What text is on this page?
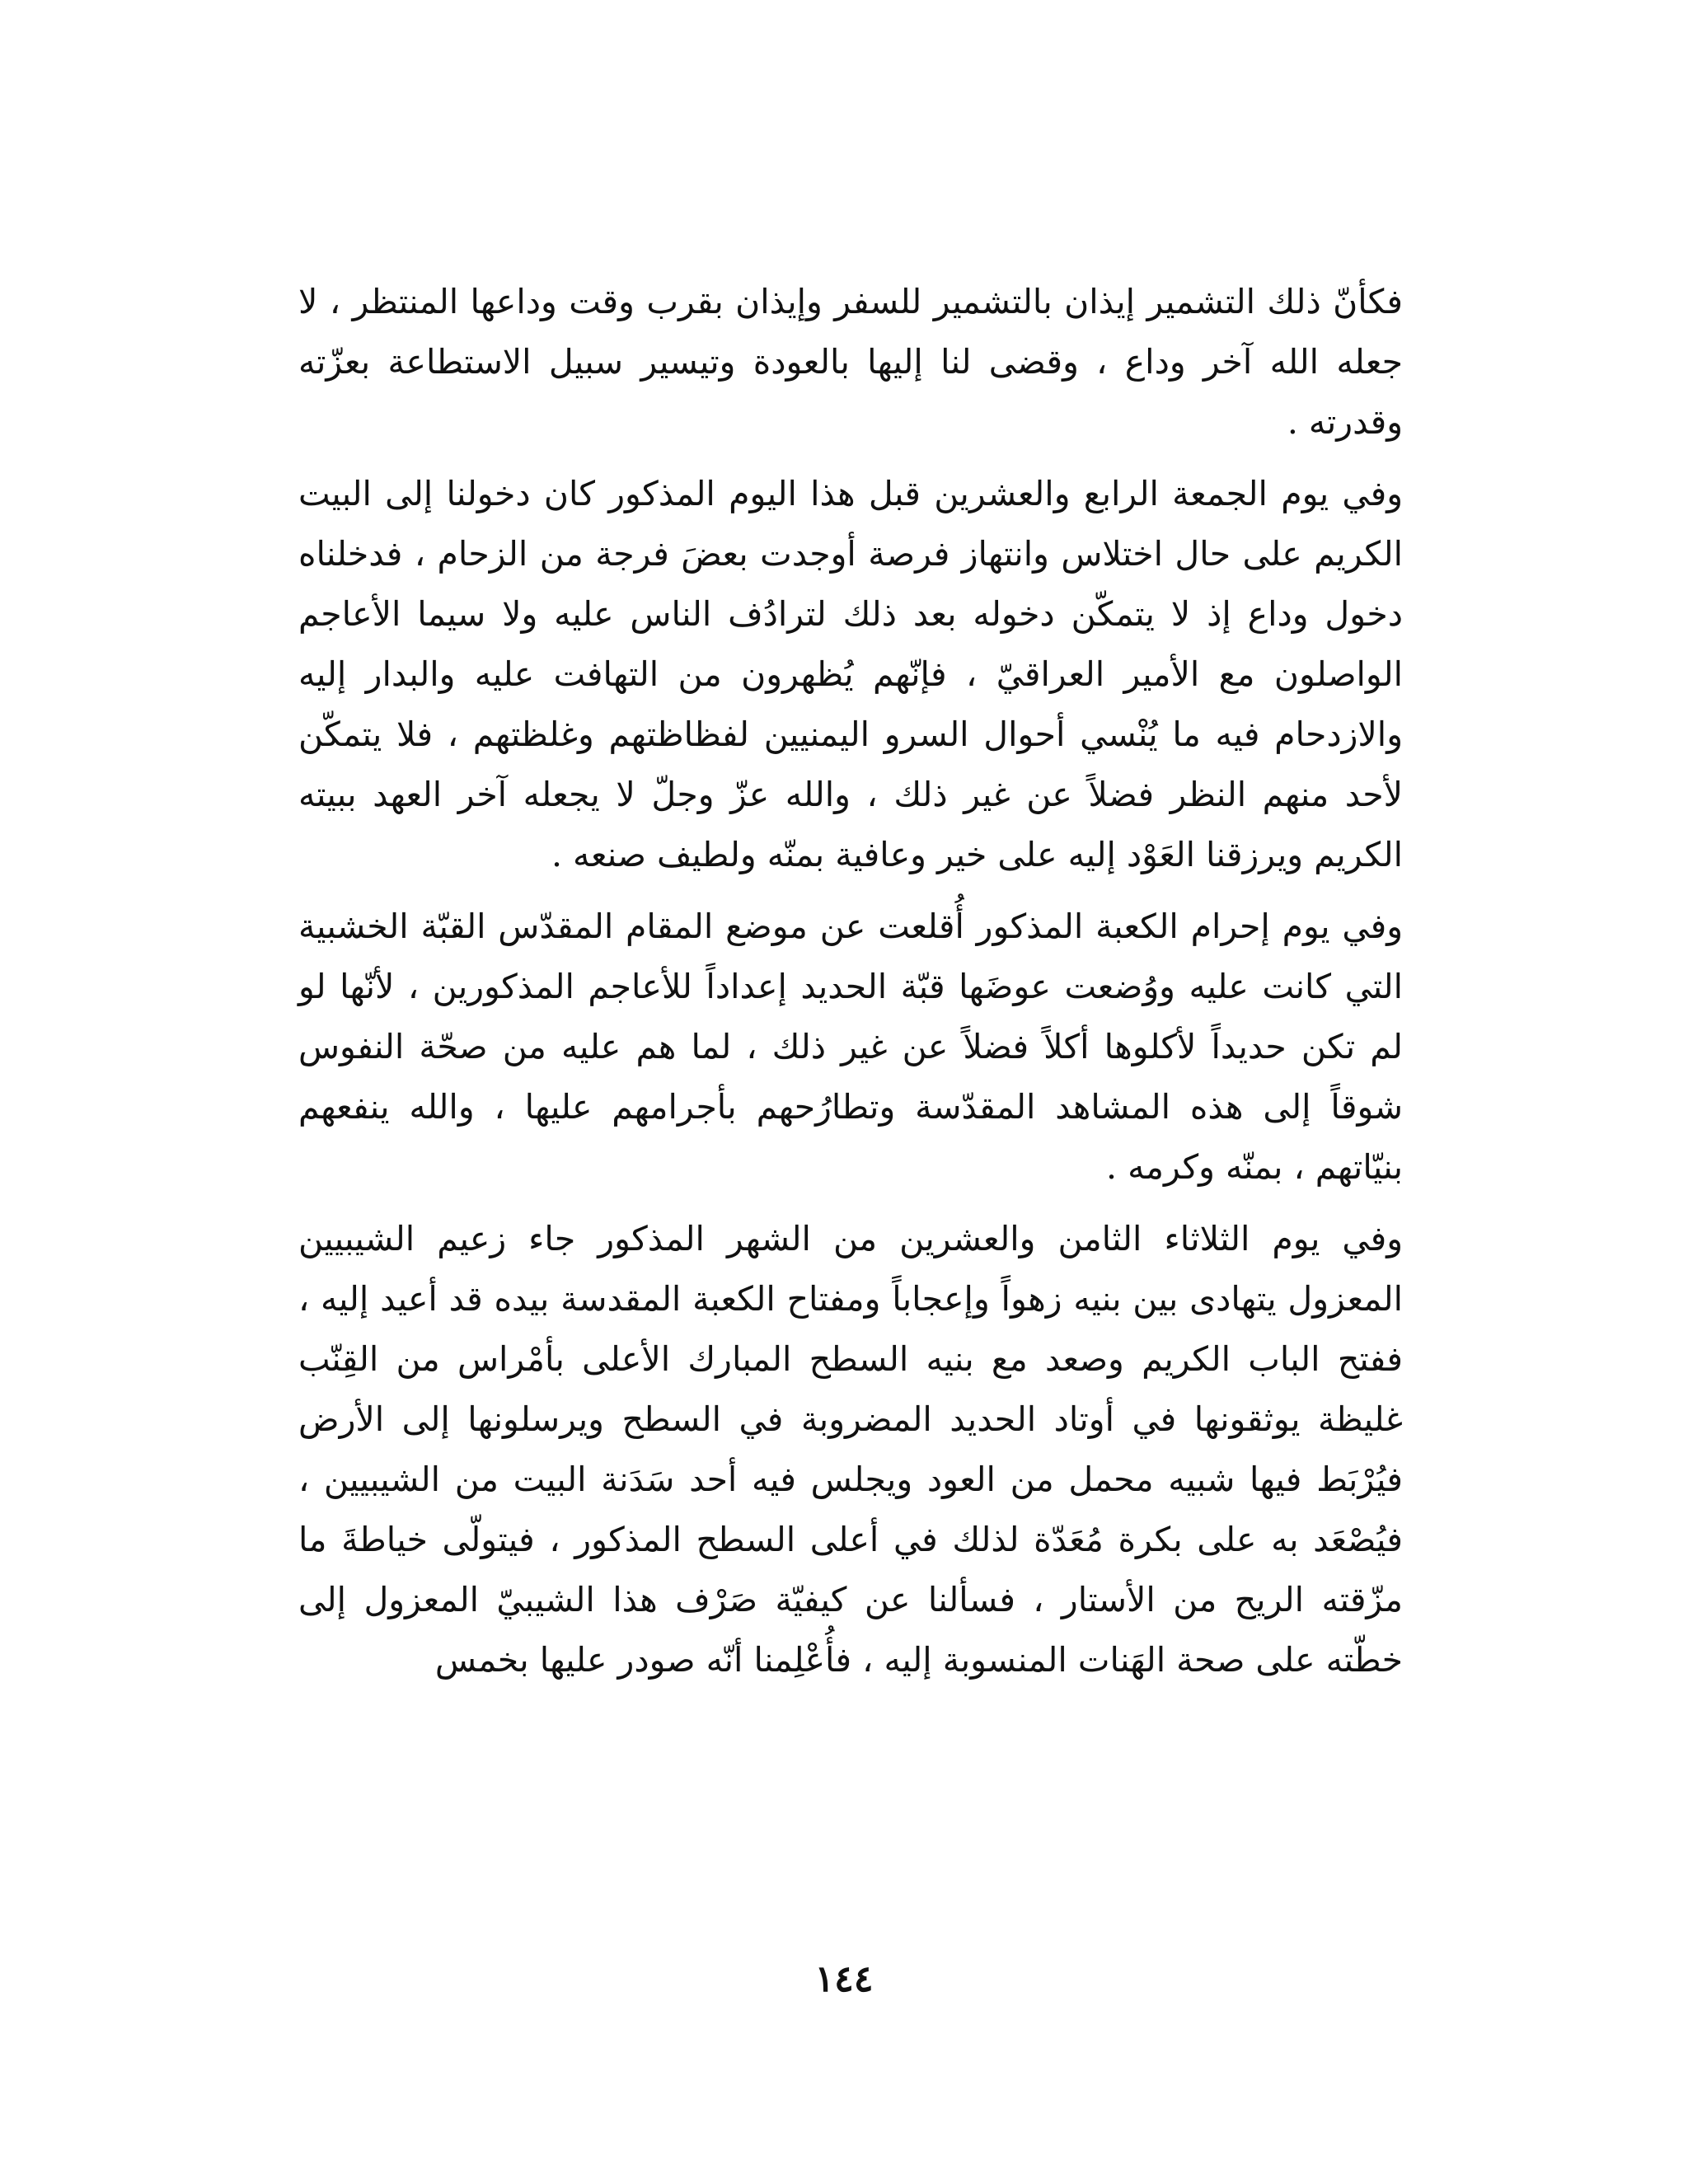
فكأنّ ذلك التشمير إيذان بالتشمير للسفر وإيذان بقرب وقت وداعها المنتظر ، لا جعله الله آخر وداع ، وقضى لنا إليها بالعودة وتيسير سبيل الاستطاعة بعزّته وقدرته .

وفي يوم الجمعة الرابع والعشرين قبل هذا اليوم المذكور كان دخولنا إلى البيت الكريم على حال اختلاس وانتهاز فرصة أوجدت بعضَ فرجة من الزحام ، فدخلناه دخول وداع إذ لا يتمكّن دخوله بعد ذلك لترادُف الناس عليه ولا سيما الأعاجم الواصلون مع الأمير العراقيّ ، فإنّهم يُظهرون من التهافت عليه والبدار إليه والازدحام فيه ما يُنْسي أحوال السرو اليمنيين لفظاظتهم وغلظتهم ، فلا يتمكّن لأحد منهم النظر فضلاً عن غير ذلك ، والله عزّ وجلّ لا يجعله آخر العهد ببيته الكريم ويرزقنا العَوْد إليه على خير وعافية بمنّه ولطيف صنعه .

وفي يوم إحرام الكعبة المذكور أُقلعت عن موضع المقام المقدّس القبّة الخشبية التي كانت عليه ووُضعت عوضَها قبّة الحديد إعداداً للأعاجم المذكورين ، لأنّها لو لم تكن حديداً لأكلوها أكلاً فضلاً عن غير ذلك ، لما هم عليه من صحّة النفوس شوقاً إلى هذه المشاهد المقدّسة وتطارُحهم بأجرامهم عليها ، والله ينفعهم بنيّاتهم ، بمنّه وكرمه .

وفي يوم الثلاثاء الثامن والعشرين من الشهر المذكور جاء زعيم الشيبيين المعزول يتهادى بين بنيه زهواً وإعجاباً ومفتاح الكعبة المقدسة بيده قد أعيد إليه ، ففتح الباب الكريم وصعد مع بنيه السطح المبارك الأعلى بأمْراس من القِنّب غليظة يوثقونها في أوتاد الحديد المضروبة في السطح ويرسلونها إلى الأرض فيُرْبَط فيها شبيه محمل من العود ويجلس فيه أحد سَدَنة البيت من الشيبيين ، فيُصْعَد به على بكرة مُعَدّة لذلك في أعلى السطح المذكور ، فيتولّى خياطةَ ما مزّقته الريح من الأستار ، فسألنا عن كيفيّة صَرْف هذا الشيبيّ المعزول إلى خطّته على صحة الهَنات المنسوبة إليه ، فأُعْلِمنا أنّه صودر عليها بخمس

١٤٤
